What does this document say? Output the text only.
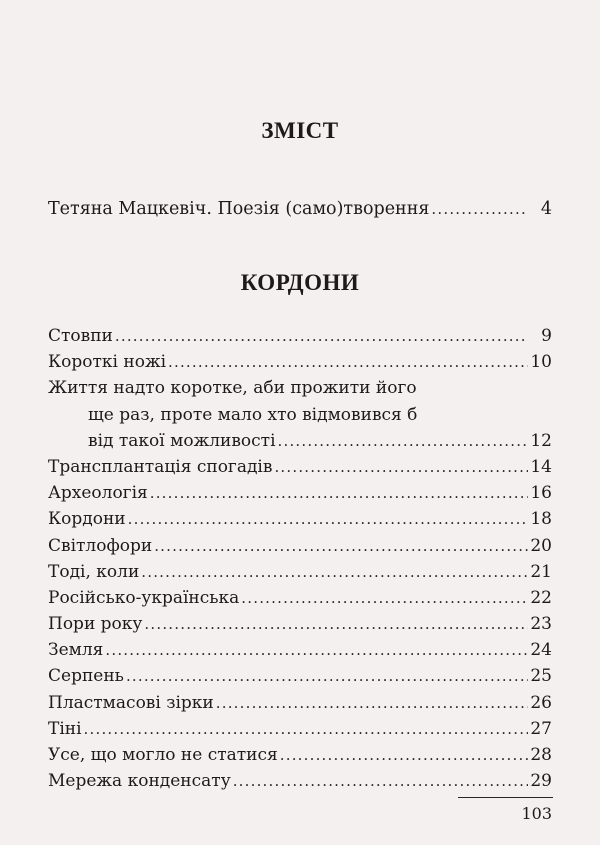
ЗМІСТ
Тетяна Мацкевіч . Поезія (само)творення .....	4
КОРДОНИ
Стовпи .....	9
Короткі ножі .....	10
Життя надто коротке, аби прожити його
ще раз, проте мало хто відмовився б
від такої можливості .....	12
Трансплантація спогадів .....	14
Археологія .....	16
Кордони .....	18
Світлофори .....	20
Тоді, коли .....	21
Російсько-українська .....	22
Пори року .....	23
Земля .....	24
Серпень .....	25
Пластмасові зірки .....	26
Тіні .....	27
Усе, що могло не статися .....	28
Мережа конденсату .....	29
103
